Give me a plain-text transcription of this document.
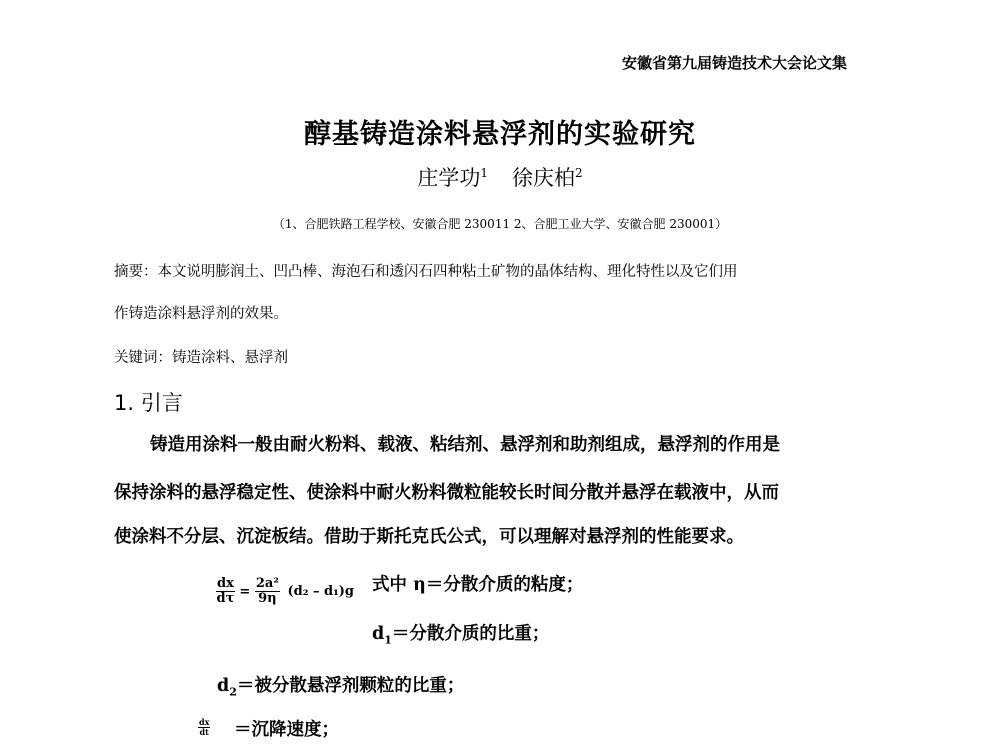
安徽省第九届铸造技术大会论文集
醇基铸造涂料悬浮剂的实验研究
庄学功$^1$ 徐庆柏$^2$
（1、合肥铁路工程学校、安徽合肥 230011 2、合肥工业大学、安徽合肥 230001）
摘要：本文说明膨润土、凹凸棒、海泡石和透闪石四种粘土矿物的晶体结构、理化特性以及它们用
作铸造涂料悬浮剂的效果。
关键词：铸造涂料、悬浮剂
1. 引言
铸造用涂料一般由耐火粉料、载液、粘结剂、悬浮剂和助剂组成，悬浮剂的作用是
保持涂料的悬浮稳定性、使涂料中耐火粉料微粒能较长时间分散并悬浮在载液中，从而
使涂料不分层、沉淀板结。借助于斯托克氏公式，可以理解对悬浮剂的性能要求。
$\frac{dx}{d\tau} = \frac{\text{2a²}}{9\eta} (d_2 - d_1)g$ 式中 η＝分散介质的粘度；
$d_1=$分散介质的比重；
$d_2=$被分散悬浮剂颗粒的比重；
$\frac{dx}{dt}$ ＝沉降速度；
